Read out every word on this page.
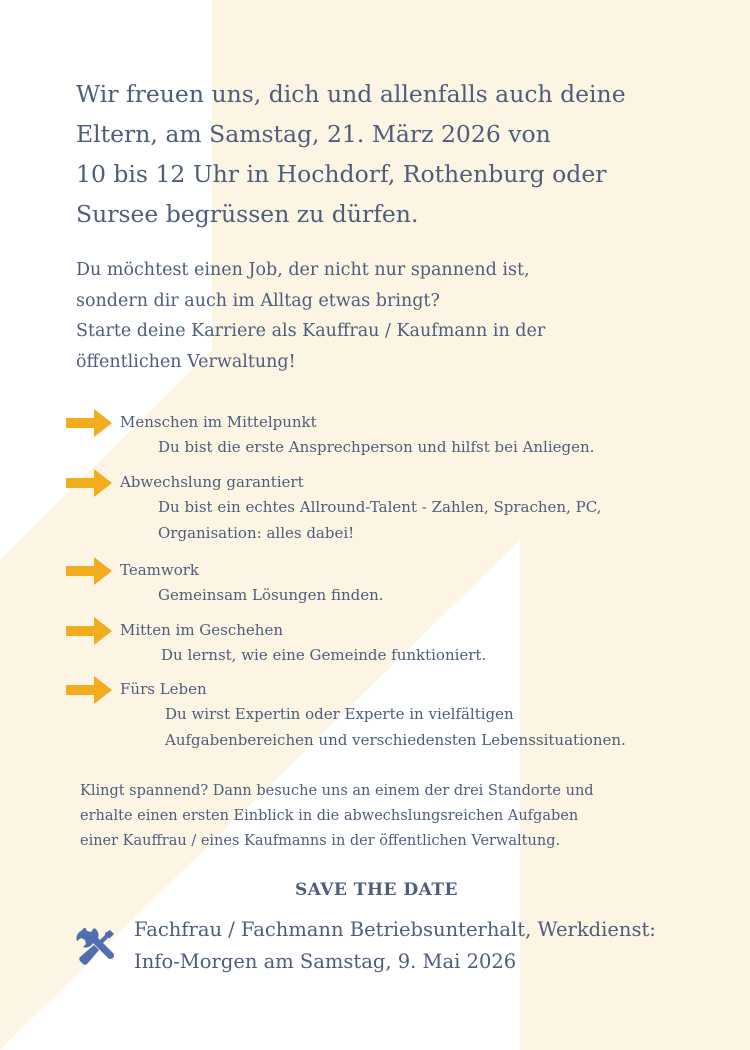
Wir freuen uns, dich und allenfalls auch deine
Eltern, am Samstag, 21. März 2026 von
10 bis 12 Uhr in Hochdorf, Rothenburg oder
Sursee begrüssen zu dürfen.

Du möchtest einen Job, der nicht nur spannend ist,
sondern dir auch im Alltag etwas bringt?
Starte deine Karriere als Kauffrau / Kaufmann in der
öffentlichen Verwaltung!

Menschen im Mittelpunkt
Du bist die erste Ansprechperson und hilfst bei Anliegen.
Abwechslung garantiert
Du bist ein echtes Allround-Talent - Zahlen, Sprachen, PC,
Organisation: alles dabei!
Teamwork
Gemeinsam Lösungen finden.
Mitten im Geschehen
Du lernst, wie eine Gemeinde funktioniert.
Fürs Leben
Du wirst Expertin oder Experte in vielfältigen
Aufgabenbereichen und verschiedensten Lebenssituationen.

Klingt spannend? Dann besuche uns an einem der drei Standorte und
erhalte einen ersten Einblick in die abwechslungsreichen Aufgaben
einer Kauffrau / eines Kaufmanns in der öffentlichen Verwaltung.

SAVE THE DATE
Fachfrau / Fachmann Betriebsunterhalt, Werkdienst:
Info-Morgen am Samstag, 9. Mai 2026
